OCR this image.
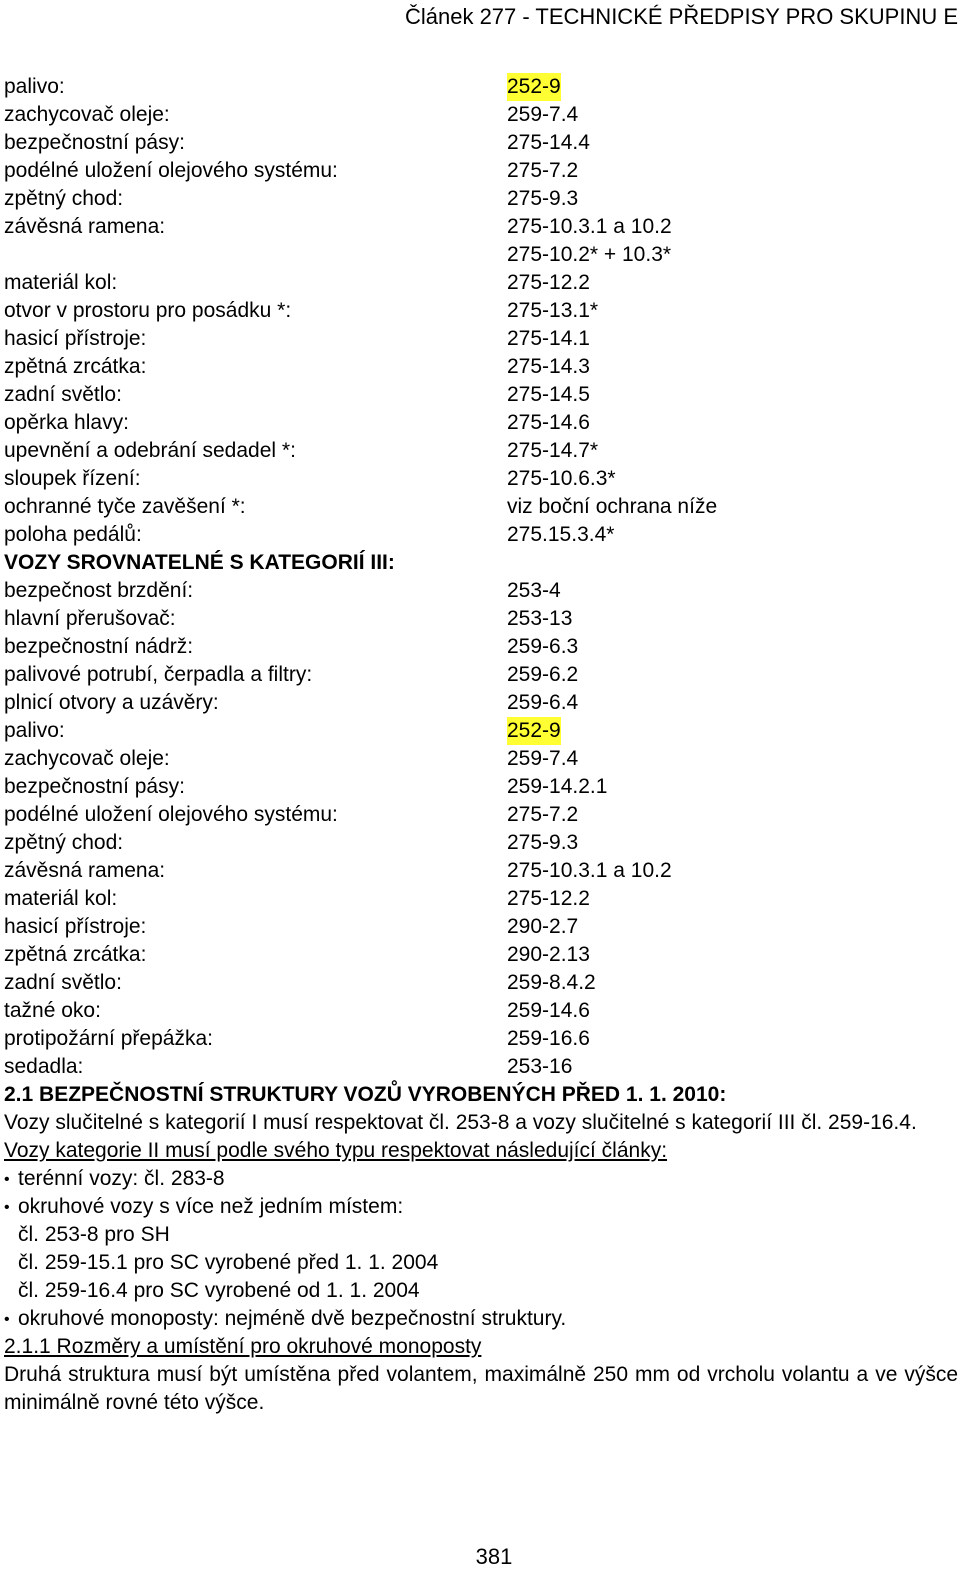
Článek 277 - TECHNICKÉ PŘEDPISY PRO SKUPINU E
palivo:	252-9
zachycovač oleje:	259-7.4
bezpečnostní pásy:	275-14.4
podélné uložení olejového systému:	275-7.2
zpětný chod:	275-9.3
závěsná ramena:	275-10.3.1 a 10.2
275-10.2* + 10.3*
materiál kol:	275-12.2
otvor v prostoru pro posádku *:	275-13.1*
hasicí přístroje:	275-14.1
zpětná zrcátka:	275-14.3
zadní světlo:	275-14.5
opěrka hlavy:	275-14.6
upevnění a odebrání sedadel *:	275-14.7*
sloupek řízení:	275-10.6.3*
ochranné tyče zavěšení *:	viz boční ochrana níže
poloha pedálů:	275.15.3.4*
VOZY SROVNATELNÉ S KATEGORIÍ III:
bezpečnost brzdění:	253-4
hlavní přerušovač:	253-13
bezpečnostní nádrž:	259-6.3
palivové potrubí, čerpadla a filtry:	259-6.2
plnicí otvory a uzávěry:	259-6.4
palivo:	252-9
zachycovač oleje:	259-7.4
bezpečnostní pásy:	259-14.2.1
podélné uložení olejového systému:	275-7.2
zpětný chod:	275-9.3
závěsná ramena:	275-10.3.1 a 10.2
materiál kol:	275-12.2
hasicí přístroje:	290-2.7
zpětná zrcátka:	290-2.13
zadní světlo:	259-8.4.2
tažné oko:	259-14.6
protipožární přepážka:	259-16.6
sedadla:	253-16
2.1 BEZPEČNOSTNÍ STRUKTURY VOZŮ VYROBENÝCH PŘED 1. 1. 2010:
Vozy slučitelné s kategorií I musí respektovat čl. 253-8 a vozy slučitelné s kategorií III čl. 259-16.4.
Vozy kategorie II musí podle svého typu respektovat následující články:
• terénní vozy: čl. 283-8
• okruhové vozy s více než jedním místem:
čl. 253-8 pro SH
čl. 259-15.1 pro SC vyrobené před 1. 1. 2004
čl. 259-16.4 pro SC vyrobené od 1. 1. 2004
• okruhové monoposty: nejméně dvě bezpečnostní struktury.
2.1.1 Rozměry a umístění pro okruhové monoposty
Druhá struktura musí být umístěna před volantem, maximálně 250 mm od vrcholu volantu a ve výšce minimálně rovné této výšce.
381
